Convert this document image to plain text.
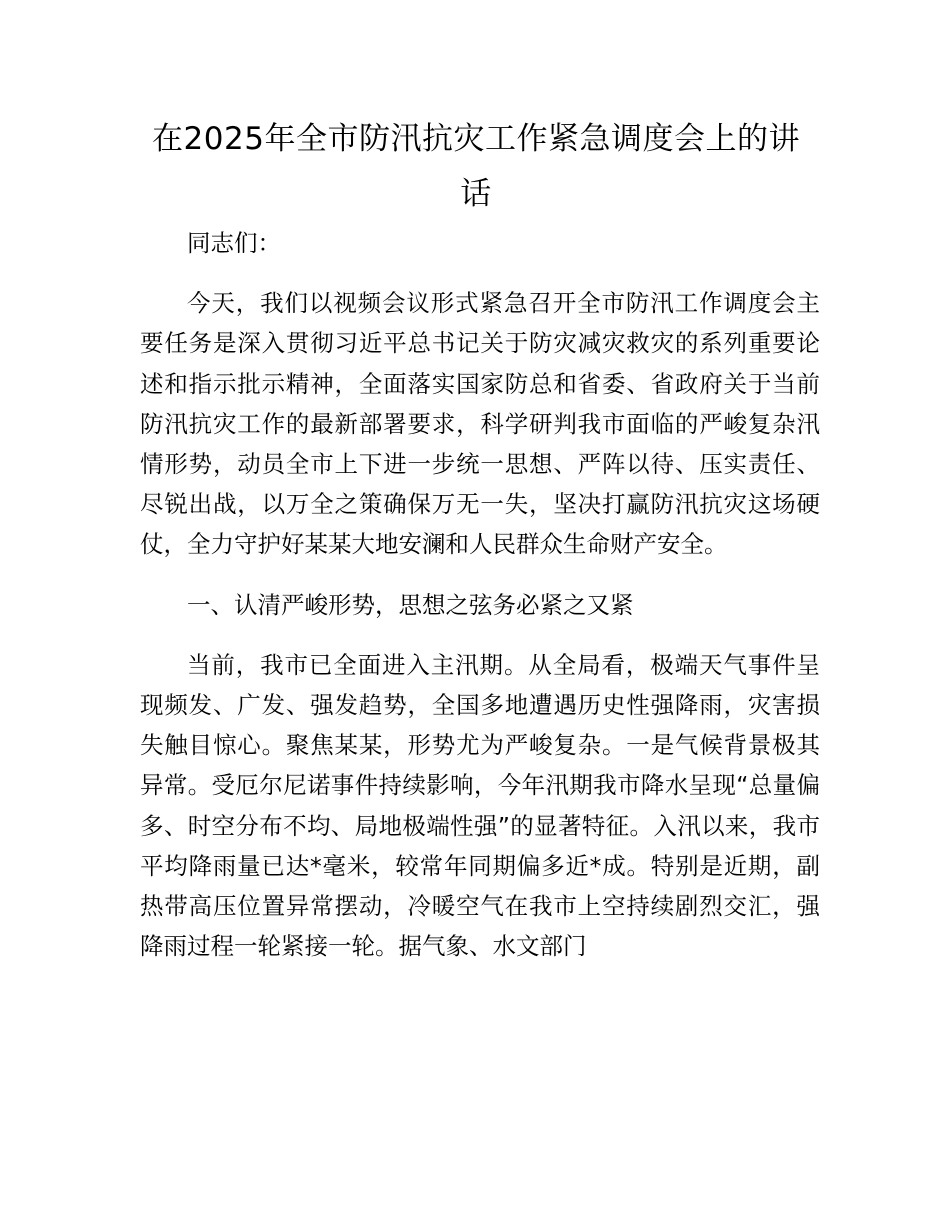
在2025年全市防汛抗灾工作紧急调度会上的讲话

同志们：

今天，我们以视频会议形式紧急召开全市防汛工作调度会主要任务是深入贯彻习近平总书记关于防灾减灾救灾的系列重要论述和指示批示精神，全面落实国家防总和省委、省政府关于当前防汛抗灾工作的最新部署要求，科学研判我市面临的严峻复杂汛情形势，动员全市上下进一步统一思想、严阵以待、压实责任、尽锐出战，以万全之策确保万无一失，坚决打赢防汛抗灾这场硬仗，全力守护好某某大地安澜和人民群众生命财产安全。

一、认清严峻形势，思想之弦务必紧之又紧

当前，我市已全面进入主汛期。从全局看，极端天气事件呈现频发、广发、强发趋势，全国多地遭遇历史性强降雨，灾害损失触目惊心。聚焦某某，形势尤为严峻复杂。一是气候背景极其异常。受厄尔尼诺事件持续影响，今年汛期我市降水呈现“总量偏多、时空分布不均、局地极端性强”的显著特征。入汛以来，我市平均降雨量已达*毫米，较常年同期偏多近*成。特别是近期，副热带高压位置异常摆动，冷暖空气在我市上空持续剧烈交汇，强降雨过程一轮紧接一轮。据气象、水文部门
